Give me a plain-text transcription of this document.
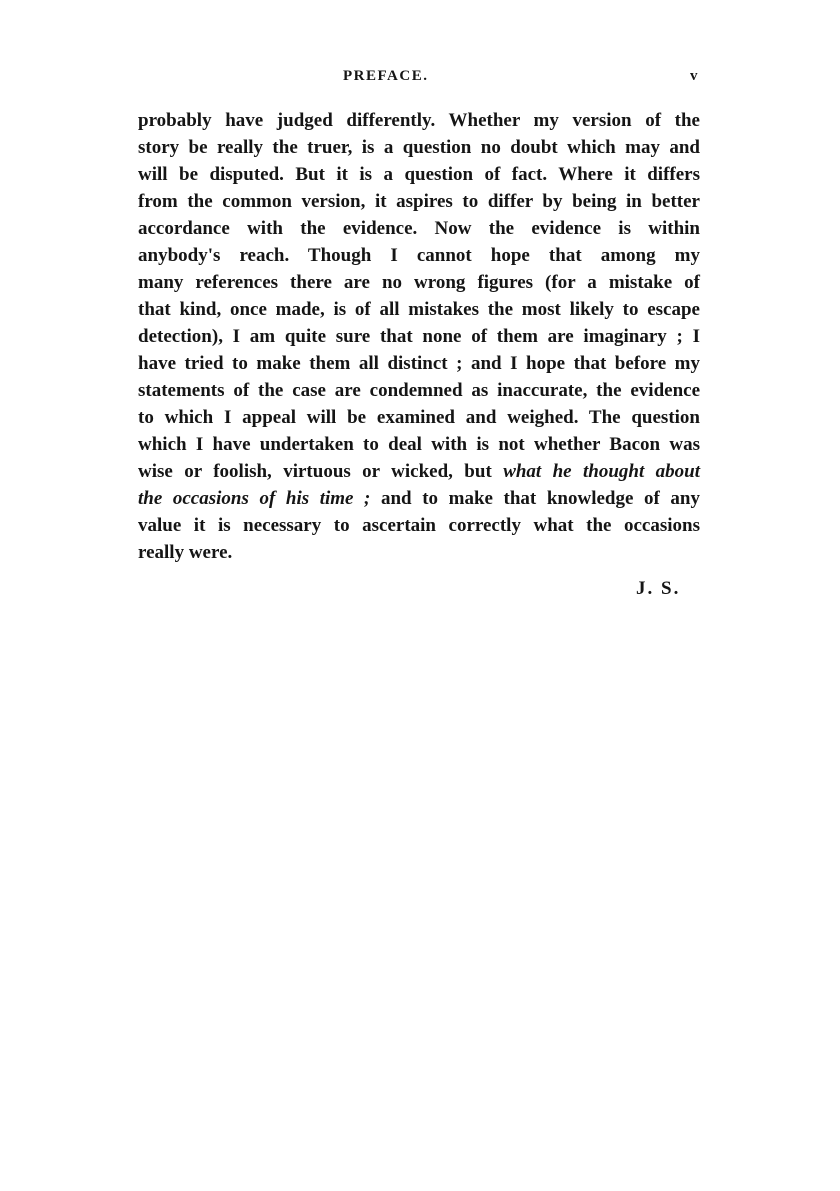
PREFACE.	v
probably have judged differently. Whether my version of the
story be really the truer, is a question no doubt which may and
will be disputed. But it is a question of fact. Where it differs
from the common version, it aspires to differ by being in better
accordance with the evidence. Now the evidence is within
anybody's reach. Though I cannot hope that among my
many references there are no wrong figures (for a mistake of
that kind, once made, is of all mistakes the most likely to escape
detection), I am quite sure that none of them are imaginary ; I
have tried to make them all distinct ; and I hope that before my
statements of the case are condemned as inaccurate, the evidence
to which I appeal will be examined and weighed. The question
which I have undertaken to deal with is not whether Bacon was
wise or foolish, virtuous or wicked, but what he thought about
the occasions of his time ; and to make that knowledge of any
value it is necessary to ascertain correctly what the occasions
really were.
J. S.
